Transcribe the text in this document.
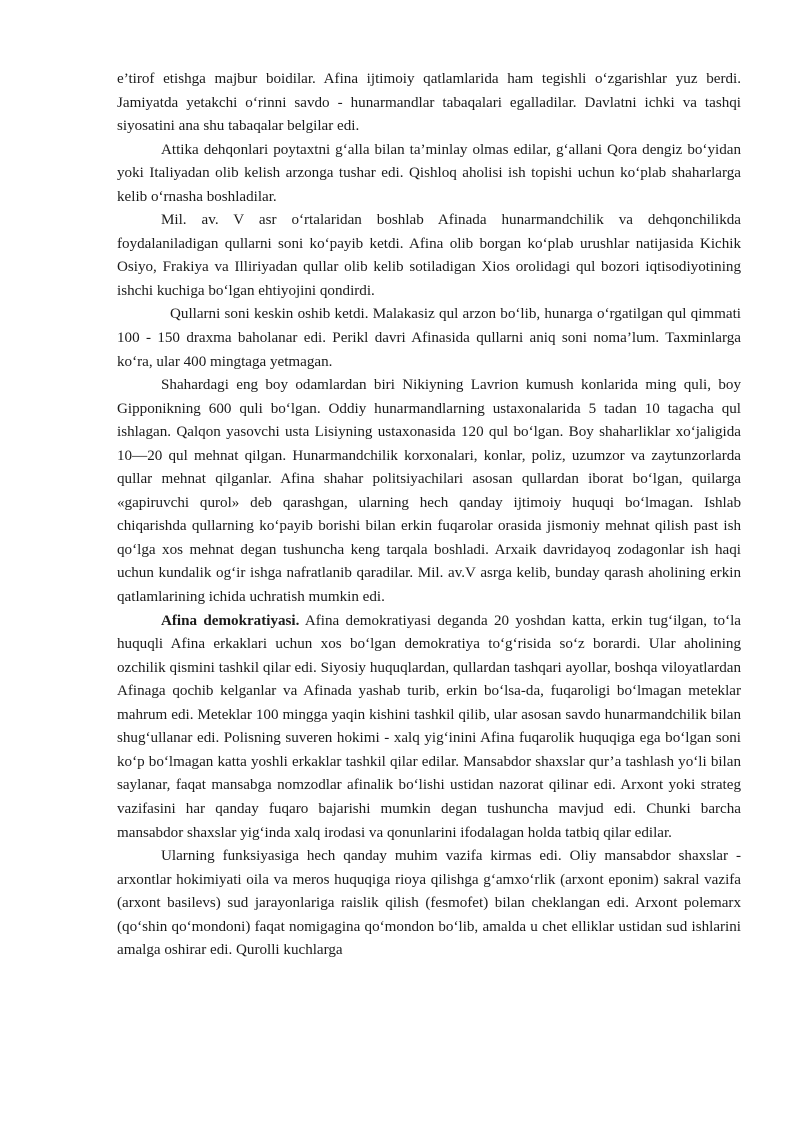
e’tirof etishga majbur boidilar. Afina ijtimoiy qatlamlarida ham tegishli o‘zgarishlar yuz berdi. Jamiyatda yetakchi o‘rinni savdo - hunarmandlar tabaqalari egalladilar. Davlatni ichki va tashqi siyosatini ana shu tabaqalar belgilar edi.

Attika dehqonlari poytaxtni g‘alla bilan ta’minlay olmas edilar, g‘allani Qora dengiz bo‘yidan yoki Italiyadan olib kelish arzonga tushar edi. Qishloq aholisi ish topishi uchun ko‘plab shaharlarga kelib o‘rnasha boshladilar.

Mil. av. V asr o‘rtalaridan boshlab Afinada hunarmandchilik va dehqonchilikda foydalaniladigan qullarni soni ko‘payib ketdi. Afina olib borgan ko‘plab urushlar natijasida Kichik Osiyo, Frakiya va Illiriyadan qullar olib kelib sotiladigan Xios orolidagi qul bozori iqtisodiyotining ishchi kuchiga bo‘lgan ehtiyojini qondirdi.

Qullarni soni keskin oshib ketdi. Malakasiz qul arzon bo‘lib, hunarga o‘rgatilgan qul qimmati 100 - 150 draxma baholanar edi. Perikl davri Afinasida qullarni aniq soni noma’lum. Taxminlarga ko‘ra, ular 400 mingtaga yetmagan.

Shahardagi eng boy odamlardan biri Nikiyning Lavrion kumush konlarida ming quli, boy Gipponikning 600 quli bo‘lgan. Oddiy hunarmandlarning ustaxonalarida 5 tadan 10 tagacha qul ishlagan. Qalqon yasovchi usta Lisiyning ustaxonasida 120 qul bo‘lgan. Boy shaharliklar xo‘jaligida 10—20 qul mehnat qilgan. Hunarmandchilik korxonalari, konlar, poliz, uzumzor va zaytunzorlarda qullar mehnat qilganlar. Afina shahar politsiyachilari asosan qullardan iborat bo‘lgan, quilarga «gapiruvchi qurol» deb qarashgan, ularning hech qanday ijtimoiy huquqi bo‘lmagan. Ishlab chiqarishda qullarning ko‘payib borishi bilan erkin fuqarolar orasida jismoniy mehnat qilish past ish qo‘lga xos mehnat degan tushuncha keng tarqala boshladi. Arxaik davridayoq zodagonlar ish haqi uchun kundalik og‘ir ishga nafratlanib qaradilar. Mil. av.V asrga kelib, bunday qarash aholining erkin qatlamlarining ichida uchratish mumkin edi.

Afina demokratiyasi. Afina demokratiyasi deganda 20 yoshdan katta, erkin tug‘ilgan, to‘la huquqli Afina erkaklari uchun xos bo‘lgan demokratiya to‘g‘risida so‘z borardi. Ular aholining ozchilik qismini tashkil qilar edi. Siyosiy huquqlardan, qullardan tashqari ayollar, boshqa viloyatlardan Afinaga qochib kelganlar va Afinada yashab turib, erkin bo‘lsa-da, fuqaroligi bo‘lmagan meteklar mahrum edi. Meteklar 100 mingga yaqin kishini tashkil qilib, ular asosan savdo hunarmandchilik bilan shug‘ullanar edi. Polisning suveren hokimi - xalq yig‘inini Afina fuqarolik huquqiga ega bo‘lgan soni ko‘p bo‘lmagan katta yoshli erkaklar tashkil qilar edilar. Mansabdor shaxslar qur’a tashlash yo‘li bilan saylanar, faqat mansabga nomzodlar afinalik bo‘lishi ustidan nazorat qilinar edi. Arxont yoki strateg vazifasini har qanday fuqaro bajarishi mumkin degan tushuncha mavjud edi. Chunki barcha mansabdor shaxslar yig‘inda xalq irodasi va qonunlarini ifodalagan holda tatbiq qilar edilar.

Ularning funksiyasiga hech qanday muhim vazifa kirmas edi. Oliy mansabdor shaxslar - arxontlar hokimiyati oila va meros huquqiga rioya qilishga g‘amxo‘rlik (arxont eponim) sakral vazifa (arxont basilevs) sud jarayonlariga raislik qilish (fesmofet) bilan cheklangan edi. Arxont polemarx (qo‘shin qo‘mondoni) faqat nomigagina qo‘mondon bo‘lib, amalda u chet elliklar ustidan sud ishlarini amalga oshirar edi. Qurolli kuchlarga
